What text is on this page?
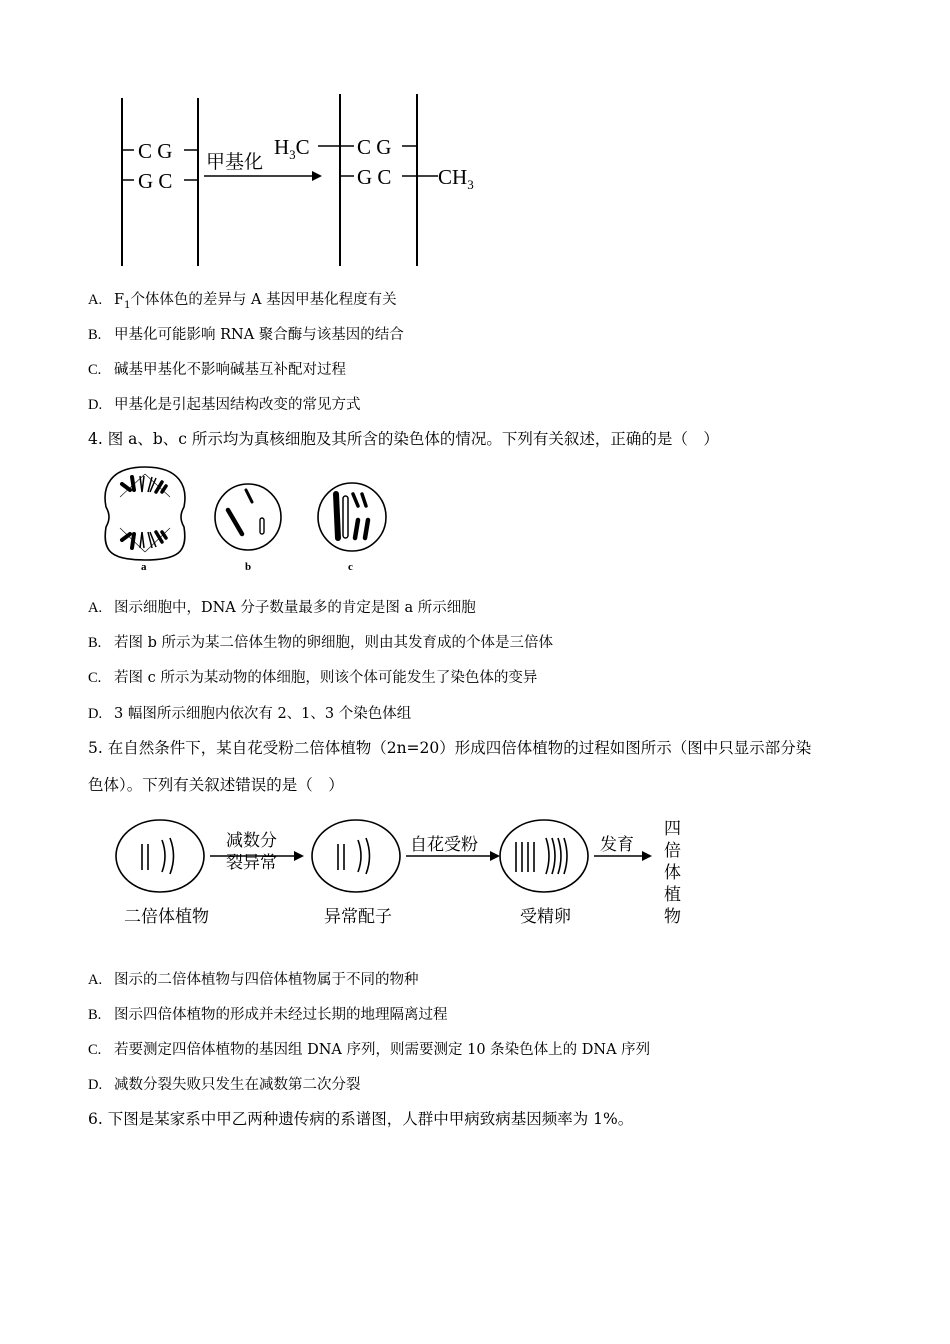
C G
G C
甲基化
$H_3C$ C G
G C $CH_3$
A. $F_1$个体体色的差异与 A 基因甲基化程度有关
B. 甲基化可能影响 RNA 聚合酶与该基因的结合
C. 碱基甲基化不影响碱基互补配对过程
D. 甲基化是引起基因结构改变的常见方式
4. 图 a、b、c 所示均为真核细胞及其所含的染色体的情况。下列有关叙述，正确的是（　）
a	b	c
A. 图示细胞中，DNA 分子数量最多的肯定是图 a 所示细胞
B. 若图 b 所示为某二倍体生物的卵细胞，则由其发育成的个体是三倍体
C. 若图 c 所示为某动物的体细胞，则该个体可能发生了染色体的变异
D. 3 幅图所示细胞内依次有 2、1、3 个染色体组
5. 在自然条件下，某自花受粉二倍体植物（2n=20）形成四倍体植物的过程如图所示（图中只显示部分染
色体）。下列有关叙述错误的是（　）
二倍体植物
减数分
裂异常
异常配子
自花受粉
受精卵
发育
四
倍
体
植
物
A. 图示的二倍体植物与四倍体植物属于不同的物种
B. 图示四倍体植物的形成并未经过长期的地理隔离过程
C. 若要测定四倍体植物的基因组 DNA 序列，则需要测定 10 条染色体上的 DNA 序列
D. 减数分裂失败只发生在减数第二次分裂
6. 下图是某家系中甲乙两种遗传病的系谱图，人群中甲病致病基因频率为 1%。
